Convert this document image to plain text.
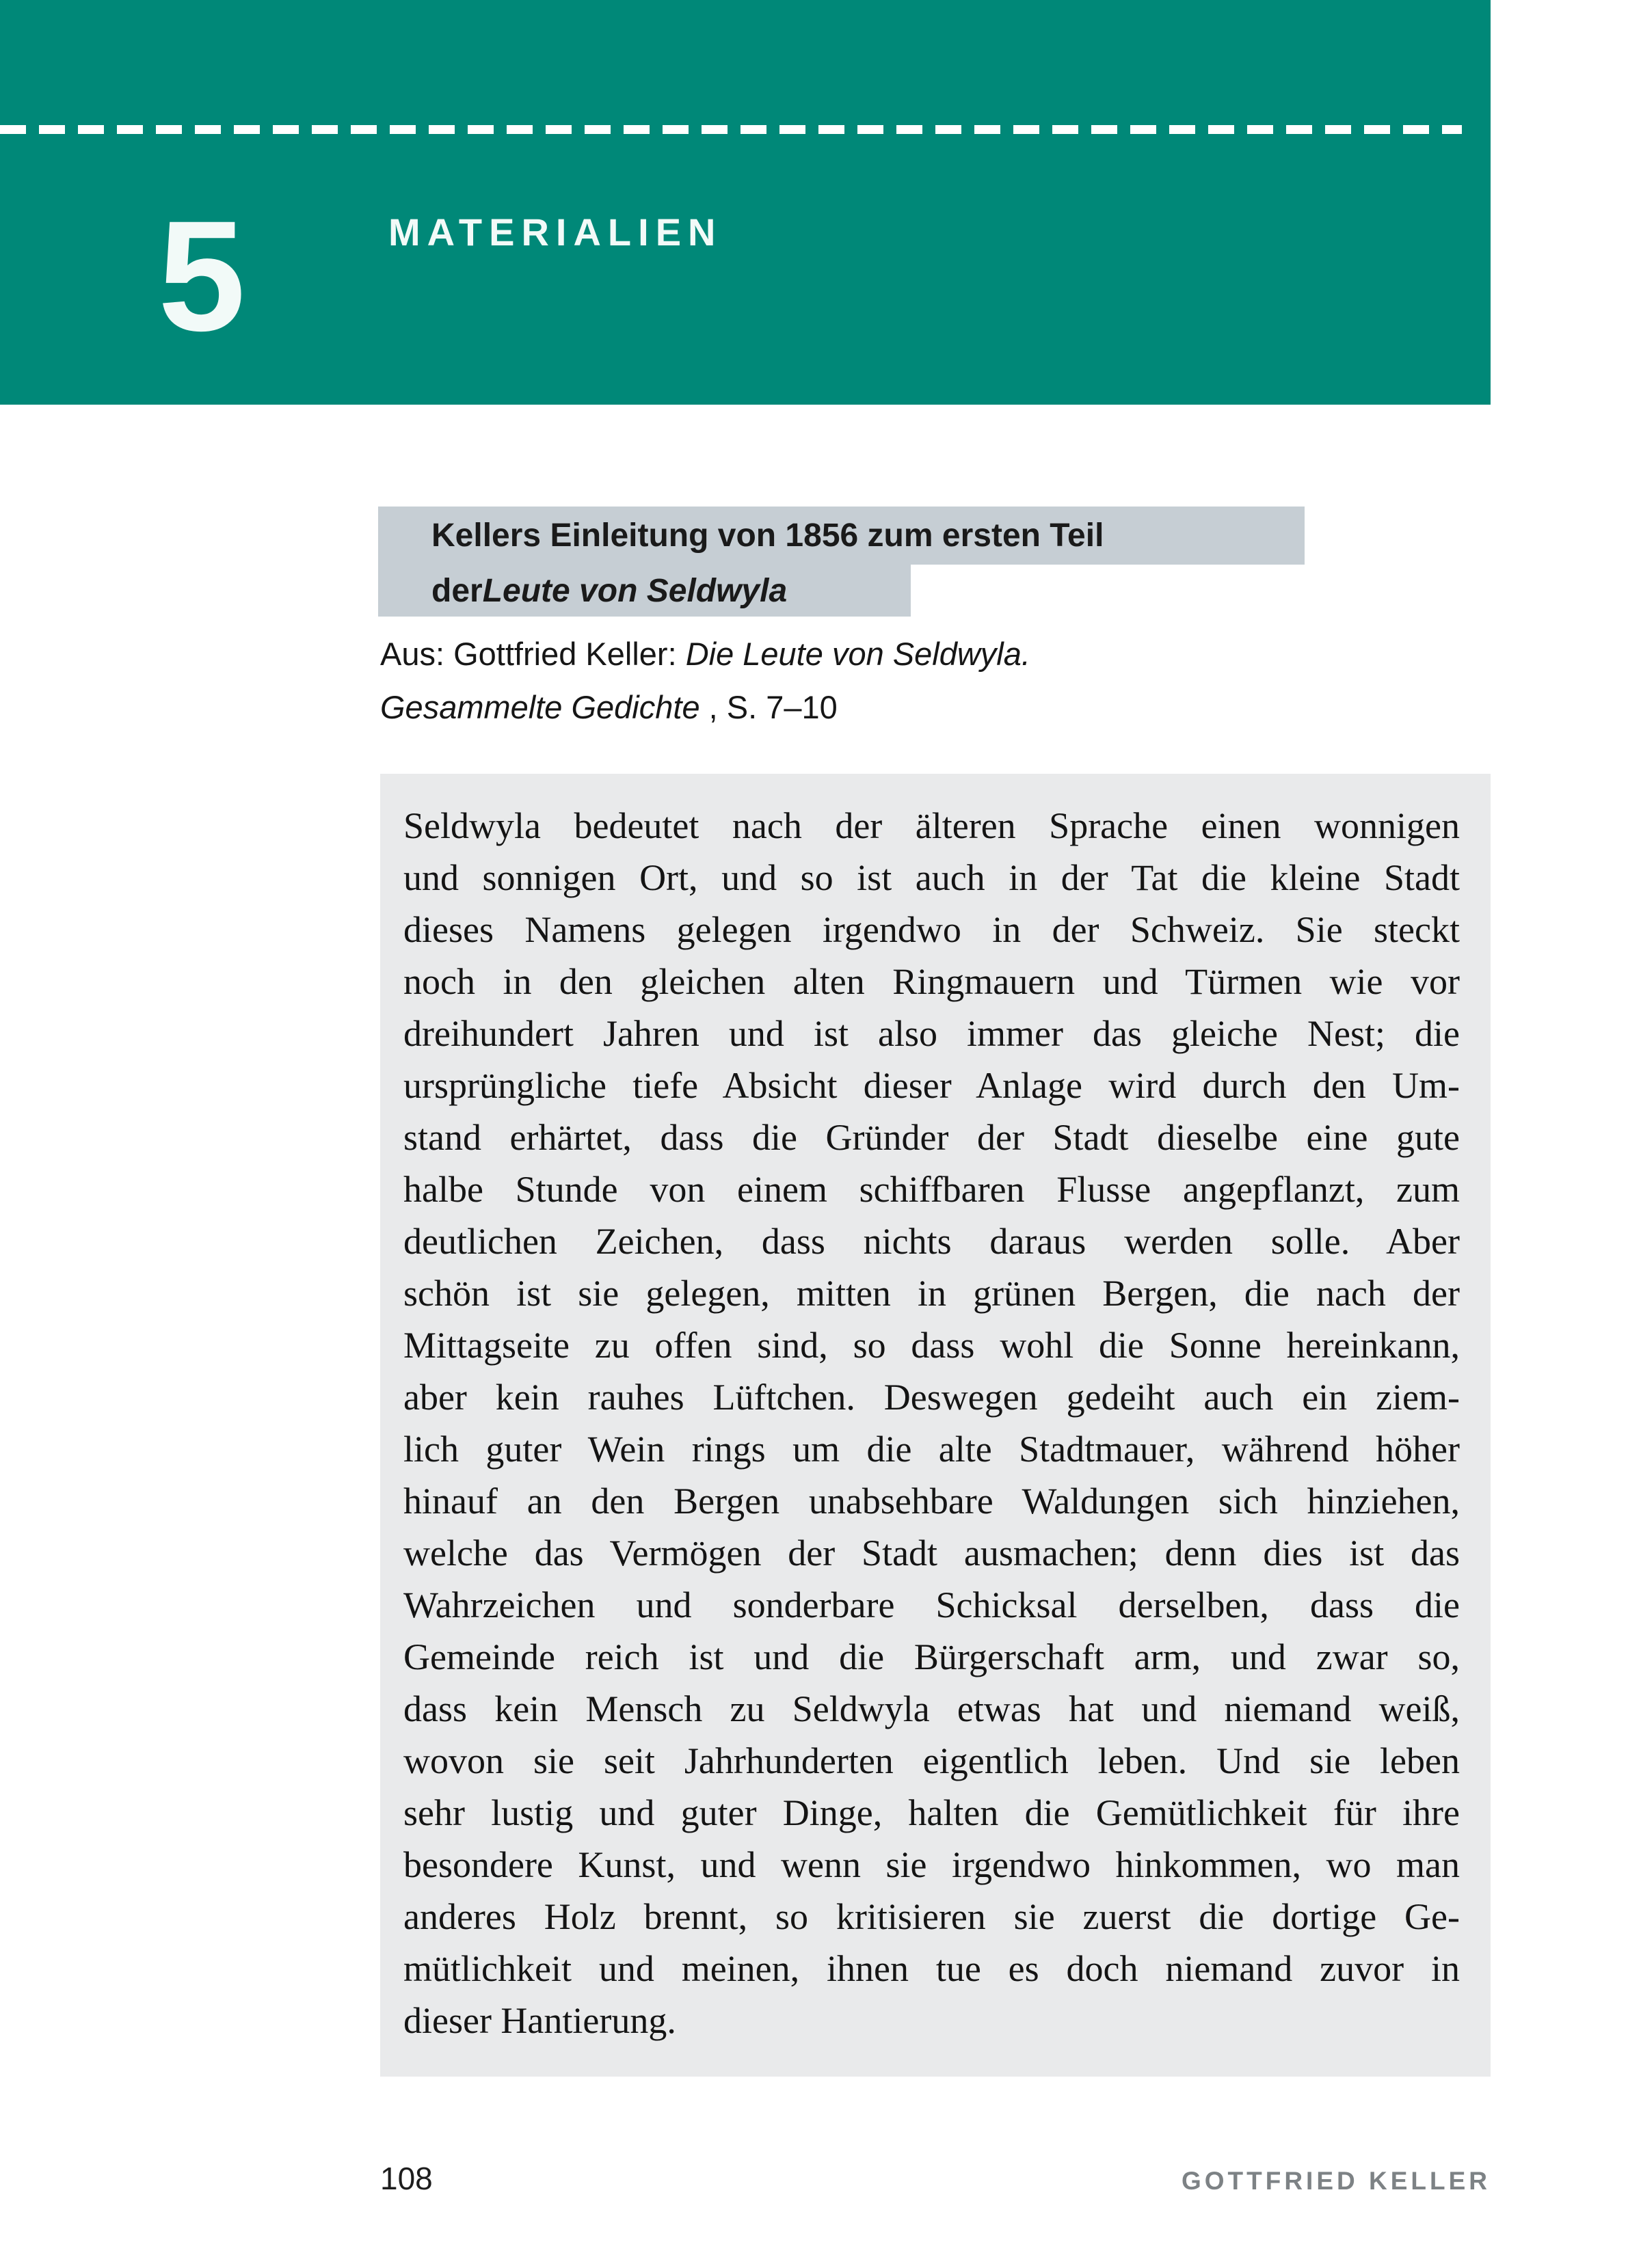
5	MATERIALIEN
Kellers Einleitung von 1856 zum ersten Teil
der Leute von Seldwyla
Aus: Gottfried Keller: Die Leute von Seldwyla.
Gesammelte Gedichte , S. 7–10
Seldwyla bedeutet nach der älteren Sprache einen wonnigen
und sonnigen Ort, und so ist auch in der Tat die kleine Stadt
dieses Namens gelegen irgendwo in der Schweiz. Sie steckt
noch in den gleichen alten Ringmauern und Türmen wie vor
dreihundert Jahren und ist also immer das gleiche Nest; die
ursprüngliche tiefe Absicht dieser Anlage wird durch den Um-
stand erhärtet, dass die Gründer der Stadt dieselbe eine gute
halbe Stunde von einem schiffbaren Flusse angepflanzt, zum
deutlichen Zeichen, dass nichts daraus werden solle. Aber
schön ist sie gelegen, mitten in grünen Bergen, die nach der
Mittagseite zu offen sind, so dass wohl die Sonne hereinkann,
aber kein rauhes Lüftchen. Deswegen gedeiht auch ein ziem-
lich guter Wein rings um die alte Stadtmauer, während höher
hinauf an den Bergen unabsehbare Waldungen sich hinziehen,
welche das Vermögen der Stadt ausmachen; denn dies ist das
Wahrzeichen und sonderbare Schicksal derselben, dass die
Gemeinde reich ist und die Bürgerschaft arm, und zwar so,
dass kein Mensch zu Seldwyla etwas hat und niemand weiß,
wovon sie seit Jahrhunderten eigentlich leben. Und sie leben
sehr lustig und guter Dinge, halten die Gemütlichkeit für ihre
besondere Kunst, und wenn sie irgendwo hinkommen, wo man
anderes Holz brennt, so kritisieren sie zuerst die dortige Ge-
mütlichkeit und meinen, ihnen tue es doch niemand zuvor in
dieser Hantierung.
108	GOTTFRIED KELLER
